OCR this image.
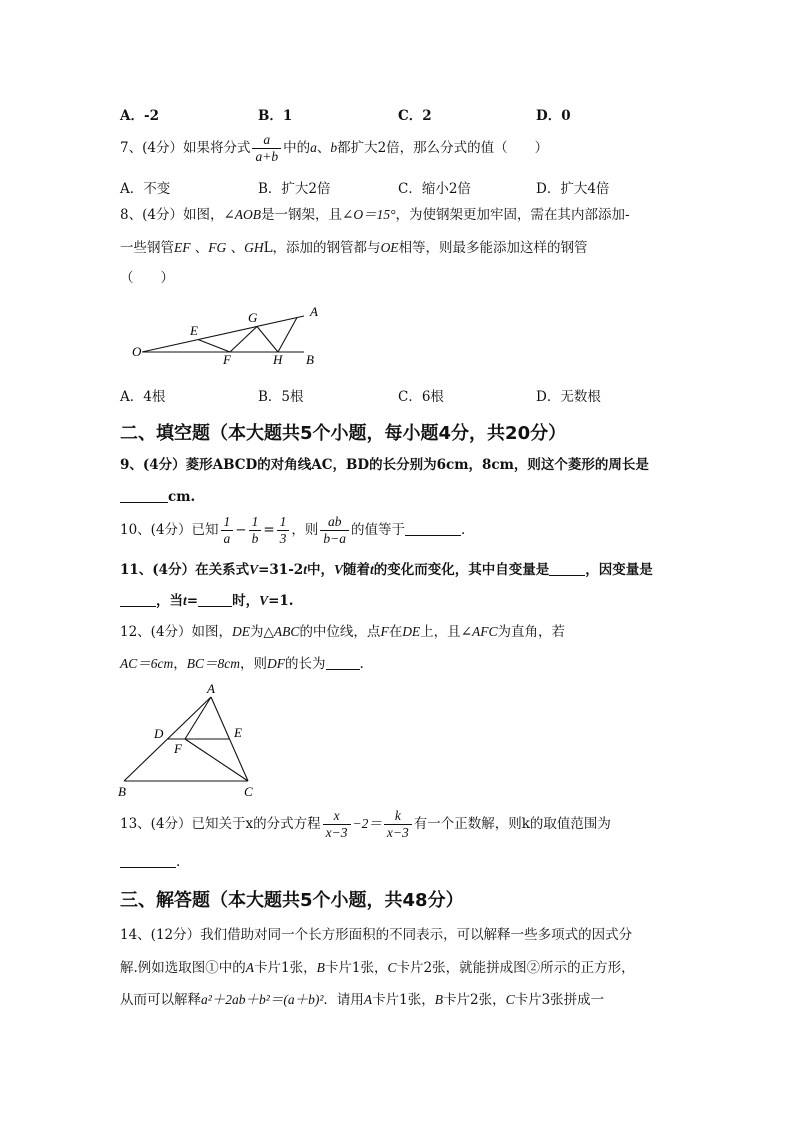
A．-2	B．1	C．2	D．0
7、(4分）如果将分式 $\frac{a}{a+b}$ 中的a、b都扩大2倍，那么分式的值（　　）
A．不变	B．扩大2倍	C．缩小2倍	D．扩大4倍
8、(4分）如图，∠AOB是一钢架，且∠O＝15°，为使钢架更加牢固，需在其内部添加-
一些钢管EF 、FG 、GHL，添加的钢管都与OE相等，则最多能添加这样的钢管
（　　）
O
E
G	A
F	H B
A．4根	B．5根	C．6根	D．无数根
二、填空题（本大题共5个小题，每小题4分，共20分）
9、(4分）菱形ABCD的对角线AC，BD的长分别为6cm，8cm，则这个菱形的周长是
cm.
10、(4分）已知 $\frac{1}{a} - \frac{1}{b} = \frac{1}{3}$ ，则 $\frac{ab}{b-a}$ 的值等于	.
11、(4分）在关系式V=31-2t中，V随着t的变化而变化，其中自变量是	，因变量是
，当t=	时，V=1.
12、(4分）如图，DE为△ABC的中位线，点F在DE上，且∠AFC为直角，若
AC＝6cm，BC＝8cm，则DF的长为	.
A
D	E
F
B	C
13、(4分）已知关于x的分式方程 $\frac{x}{x-3} -2= \frac{k}{x-3}$ 有一个正数解，则k的取值范围为
.
三、解答题（本大题共5个小题，共48分）
14、(12分）我们借助对同一个长方形面积的不同表示，可以解释一些多项式的因式分
解.例如选取图①中的A卡片1张，B卡片1张，C卡片2张，就能拼成图②所示的正方形，
从而可以解释a²＋2ab＋b²＝(a＋b)²．请用A卡片1张，B卡片2张，C卡片3张拼成一
